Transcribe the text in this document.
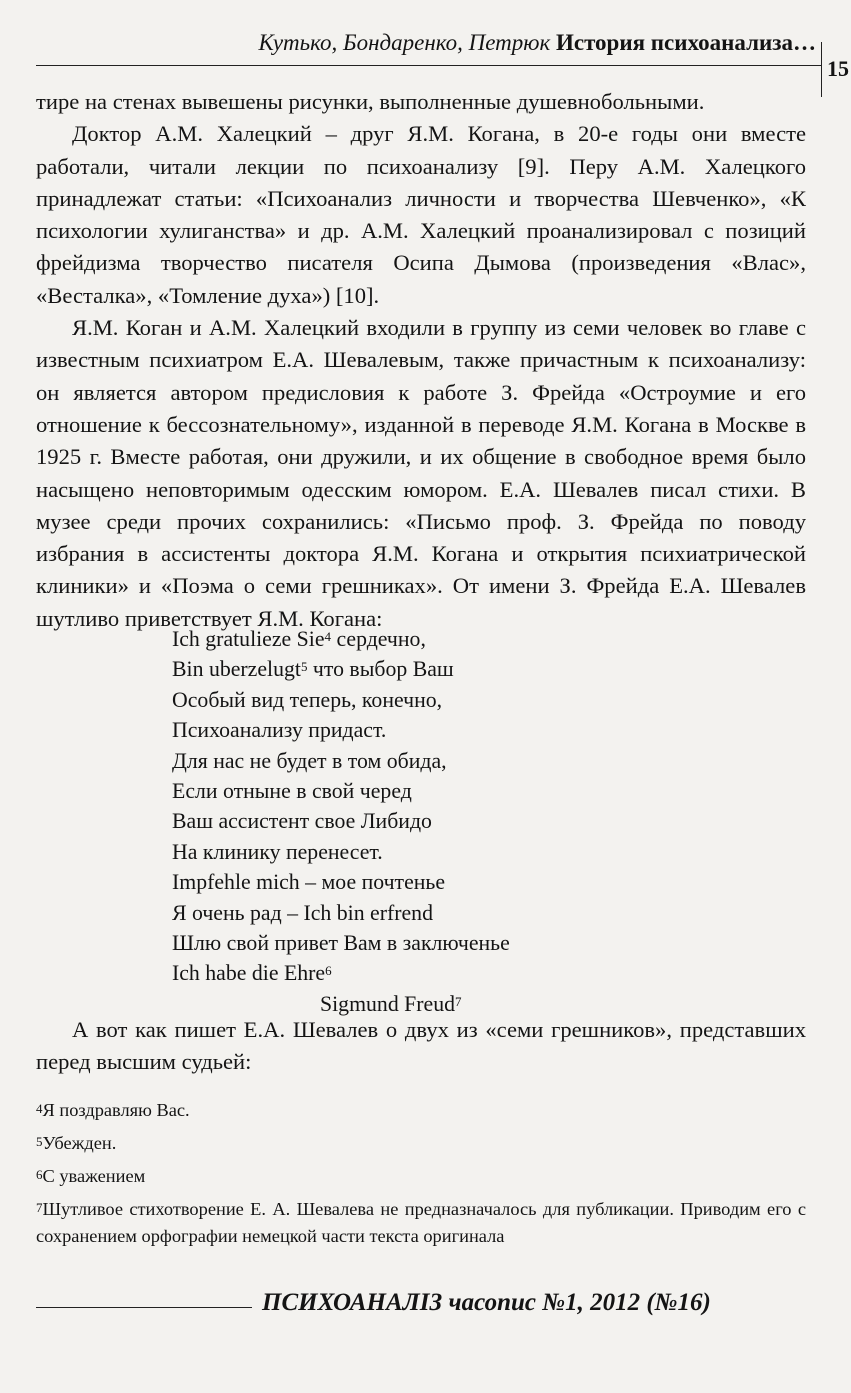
Кутько, Бондаренко, Петрюк История психоанализа…
15

тире на стенах вывешены рисунки, выполненные душевнобольными.

Доктор А.М. Халецкий – друг Я.М. Когана, в 20-е годы они вместе работали, читали лекции по психоанализу [9]. Перу А.М. Халецкого принадлежат статьи: «Психоанализ личности и творчества Шевченко», «К психологии хулиганства» и др. А.М. Халецкий проанализировал с позиций фрейдизма творчество писателя Осипа Дымова (произведения «Влас», «Весталка», «Томление духа») [10].

Я.М. Коган и А.М. Халецкий входили в группу из семи человек во главе с известным психиатром Е.А. Шевалевым, также причастным к психоанализу: он является автором предисловия к работе З. Фрейда «Остроумие и его отношение к бессознательному», изданной в переводе Я.М. Когана в Москве в 1925 г. Вместе работая, они дружили, и их общение в свободное время было насыщено неповторимым одесским юмором. Е.А. Шевалев писал стихи. В музее среди прочих сохранились: «Письмо проф. З. Фрейда по поводу избрания в ассистенты доктора Я.М. Когана и открытия психиатрической клиники» и «Поэма о семи грешниках». От имени З. Фрейда Е.А. Шевалев шутливо приветствует Я.М. Когана:

Ich gratulieze Sie$^4$ сердечно,
Bin uberzelugt$^5$ что выбор Ваш
Особый вид теперь, конечно,
Психоанализу придаст.
Для нас не будет в том обида,
Если отныне в свой черед
Ваш ассистент свое Либидо
На клинику перенесет.
Impfehle mich – мое почтенье
Я очень рад – Ich bin erfrend
Шлю свой привет Вам в заключенье
Ich habe die Ehre$^6$
Sigmund Freud$^7$

А вот как пишет Е.А. Шевалев о двух из «семи грешников», представших перед высшим судьей:

$^4$Я поздравляю Вас.

$^5$Убежден.

$^6$С уважением

$^7$Шутливое стихотворение Е. А. Шевалева не предназначалось для публикации. Приводим его с сохранением орфографии немецкой части текста оригинала

ПСИХОАНАЛІЗ часопис №1, 2012 (№16)
